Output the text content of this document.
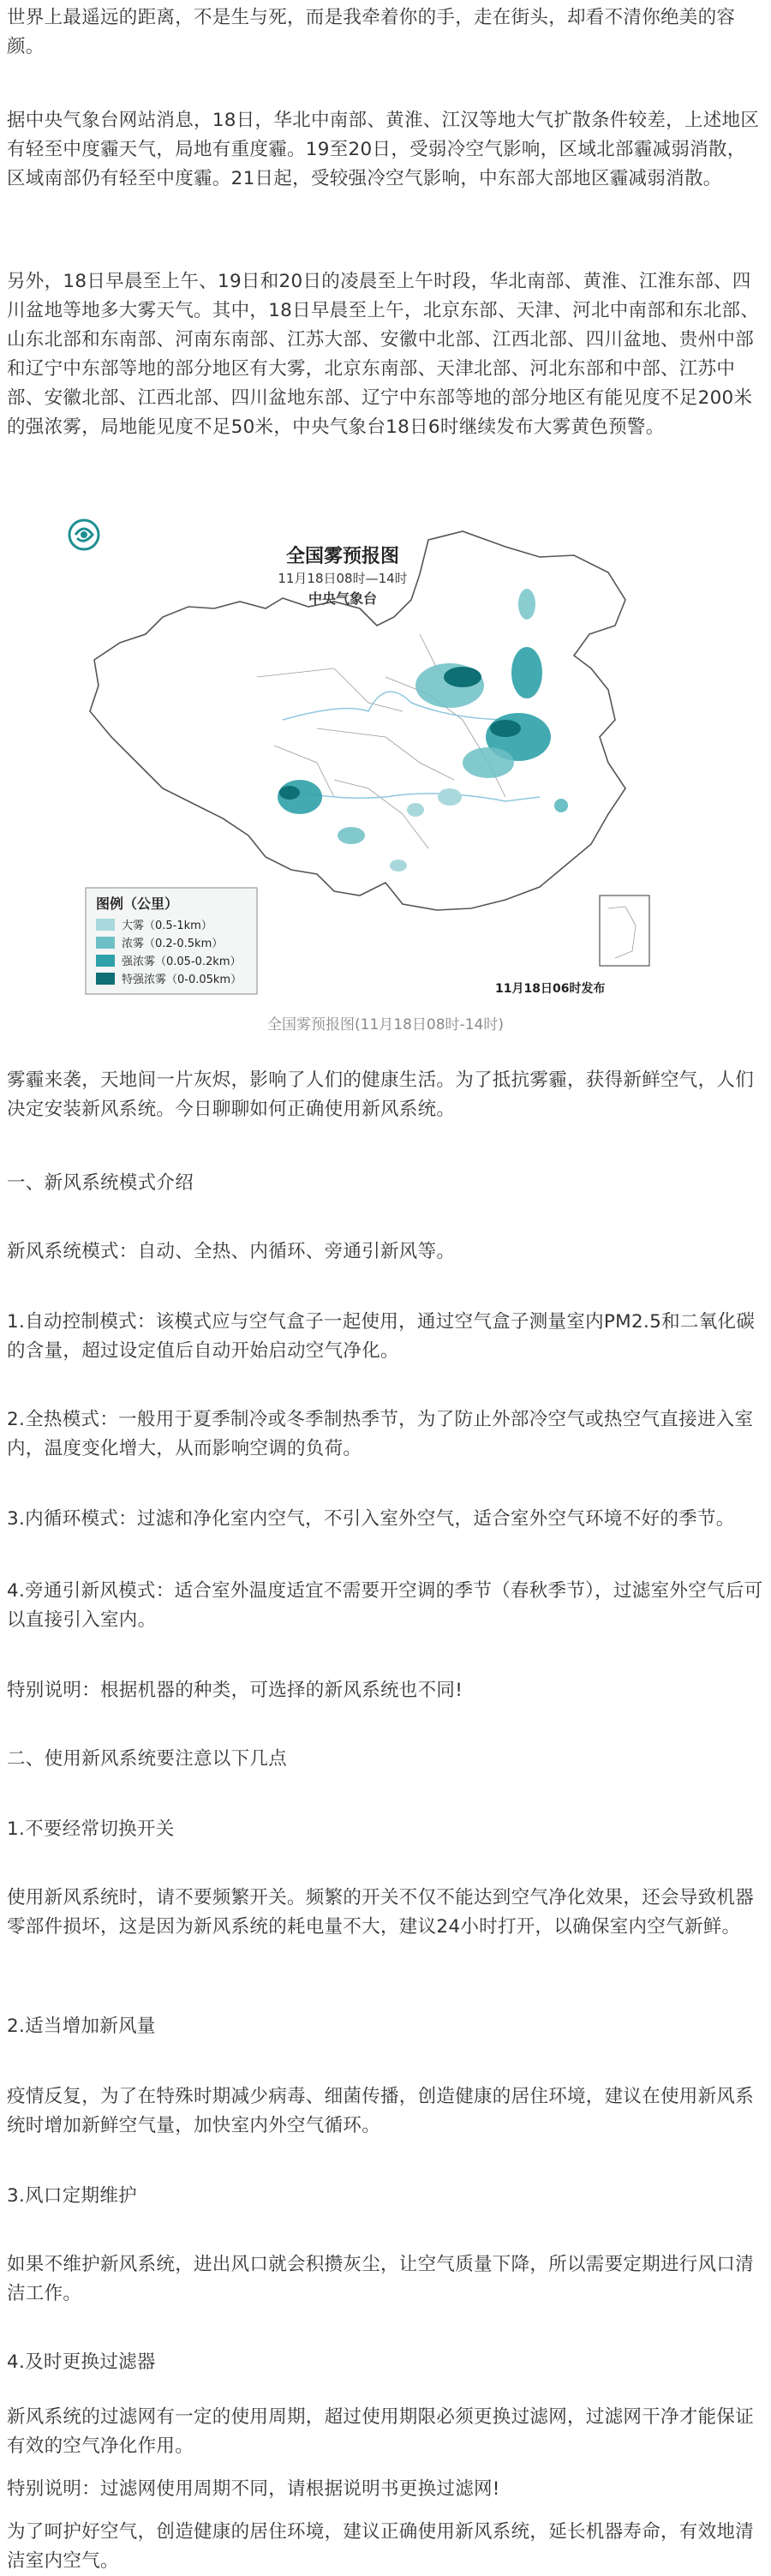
世界上最遥远的距离，不是生与死，而是我牵着你的手，走在街头，却看不清你绝美的容颜。

据中央气象台网站消息，18日，华北中南部、黄淮、江汉等地大气扩散条件较差，上述地区有轻至中度霾天气，局地有重度霾。19至20日，受弱冷空气影响，区域北部霾减弱消散，区域南部仍有轻至中度霾。21日起，受较强冷空气影响，中东部大部地区霾减弱消散。

另外，18日早晨至上午、19日和20日的凌晨至上午时段，华北南部、黄淮、江淮东部、四川盆地等地多大雾天气。其中，18日早晨至上午，北京东部、天津、河北中南部和东北部、山东北部和东南部、河南东南部、江苏大部、安徽中北部、江西北部、四川盆地、贵州中部和辽宁中东部等地的部分地区有大雾，北京东南部、天津北部、河北东部和中部、江苏中部、安徽北部、江西北部、四川盆地东部、辽宁中东部等地的部分地区有能见度不足200米的强浓雾，局地能见度不足50米，中央气象台18日6时继续发布大雾黄色预警。

全国雾预报图
11月18日08时—14时
中央气象台
图例（公里）
大雾（0.5-1km）
浓雾（0.2-0.5km）
强浓雾（0.05-0.2km）
特强浓雾（0-0.05km）
11月18日06时发布
全国雾预报图(11月18日08时-14时)

雾霾来袭，天地间一片灰烬，影响了人们的健康生活。为了抵抗雾霾，获得新鲜空气，人们决定安装新风系统。今日聊聊如何正确使用新风系统。

一、新风系统模式介绍

新风系统模式：自动、全热、内循环、旁通引新风等。

1.自动控制模式：该模式应与空气盒子一起使用，通过空气盒子测量室内PM2.5和二氧化碳的含量，超过设定值后自动开始启动空气净化。

2.全热模式：一般用于夏季制冷或冬季制热季节，为了防止外部冷空气或热空气直接进入室内，温度变化增大，从而影响空调的负荷。

3.内循环模式：过滤和净化室内空气，不引入室外空气，适合室外空气环境不好的季节。

4.旁通引新风模式：适合室外温度适宜不需要开空调的季节（春秋季节），过滤室外空气后可以直接引入室内。

特别说明：根据机器的种类，可选择的新风系统也不同!

二、使用新风系统要注意以下几点

1.不要经常切换开关

使用新风系统时，请不要频繁开关。频繁的开关不仅不能达到空气净化效果，还会导致机器零部件损坏，这是因为新风系统的耗电量不大，建议24小时打开，以确保室内空气新鲜。

2.适当增加新风量

疫情反复，为了在特殊时期减少病毒、细菌传播，创造健康的居住环境，建议在使用新风系统时增加新鲜空气量，加快室内外空气循环。

3.风口定期维护

如果不维护新风系统，进出风口就会积攒灰尘，让空气质量下降，所以需要定期进行风口清洁工作。

4.及时更换过滤器

新风系统的过滤网有一定的使用周期，超过使用期限必须更换过滤网，过滤网干净才能保证有效的空气净化作用。

特别说明：过滤网使用周期不同，请根据说明书更换过滤网!

为了呵护好空气，创造健康的居住环境，建议正确使用新风系统，延长机器寿命，有效地清洁室内空气。
